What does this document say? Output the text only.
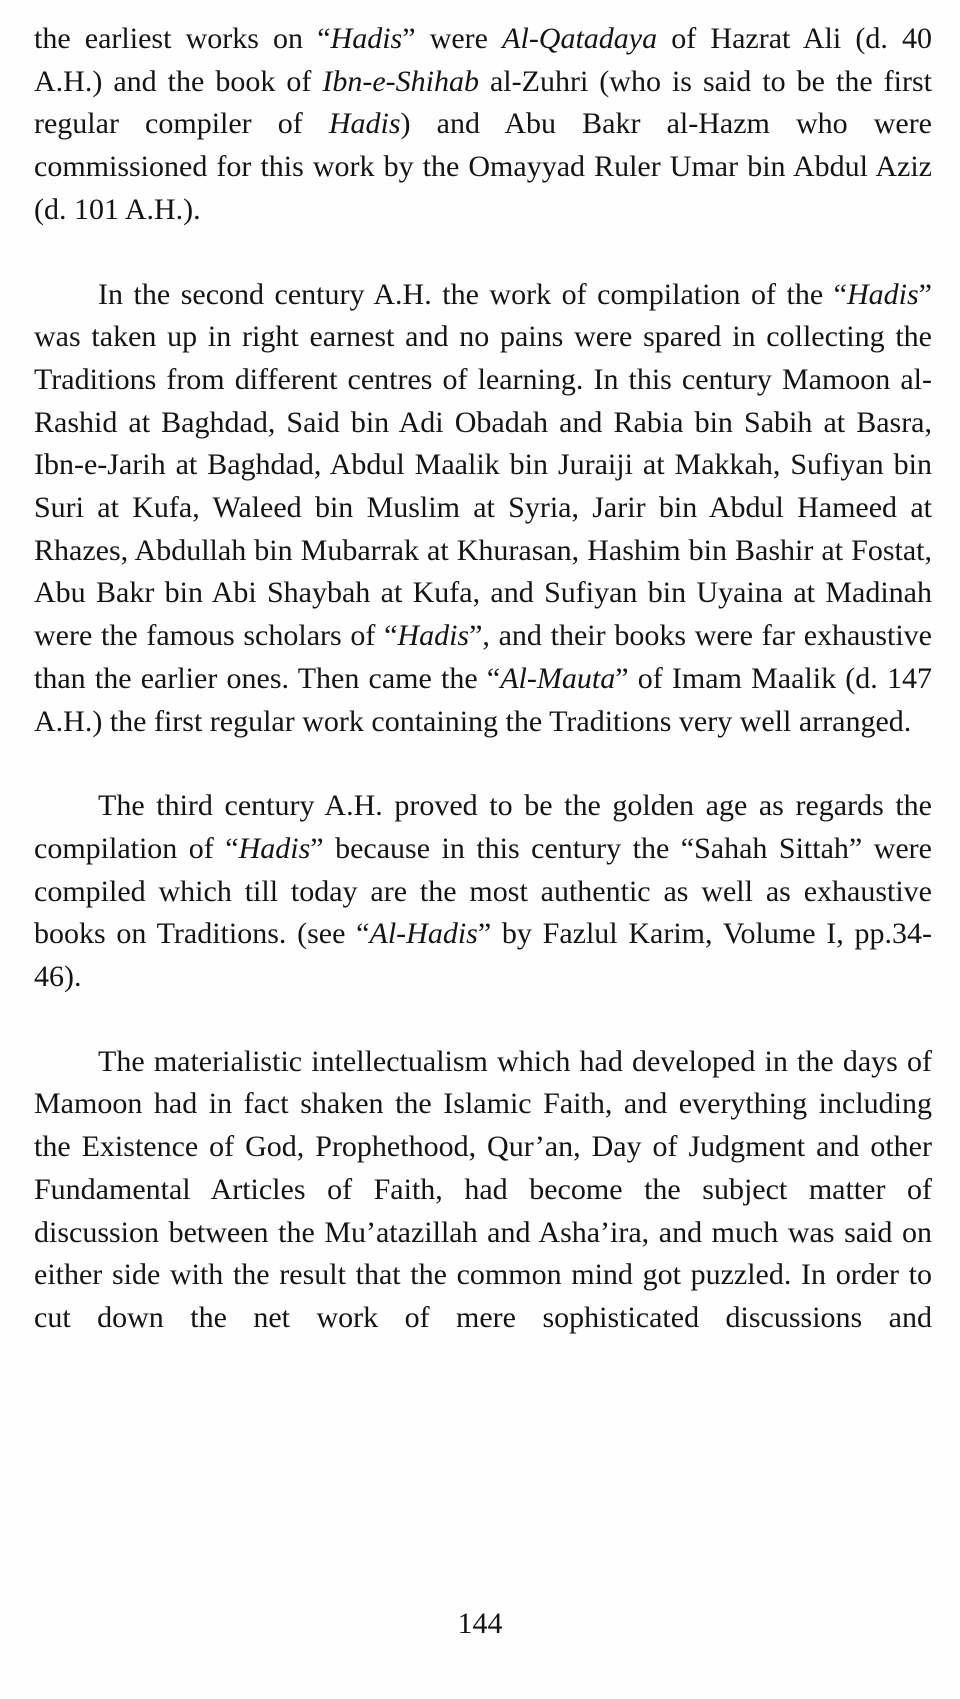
the earliest works on “Hadis” were Al-Qatadaya of Hazrat Ali (d. 40 A.H.) and the book of Ibn-e-Shihab al-Zuhri (who is said to be the first regular compiler of Hadis) and Abu Bakr al-Hazm who were commissioned for this work by the Omayyad Ruler Umar bin Abdul Aziz (d. 101 A.H.).

In the second century A.H. the work of compilation of the “Hadis” was taken up in right earnest and no pains were spared in collecting the Traditions from different centres of learning. In this century Mamoon al-Rashid at Baghdad, Said bin Adi Obadah and Rabia bin Sabih at Basra, Ibn-e-Jarih at Baghdad, Abdul Maalik bin Juraiji at Makkah, Sufiyan bin Suri at Kufa, Waleed bin Muslim at Syria, Jarir bin Abdul Hameed at Rhazes, Abdullah bin Mubarrak at Khurasan, Hashim bin Bashir at Fostat, Abu Bakr bin Abi Shaybah at Kufa, and Sufiyan bin Uyaina at Madinah were the famous scholars of “Hadis”, and their books were far exhaustive than the earlier ones. Then came the “Al-Mauta” of Imam Maalik (d. 147 A.H.) the first regular work containing the Traditions very well arranged.

The third century A.H. proved to be the golden age as regards the compilation of “Hadis” because in this century the “Sahah Sittah” were compiled which till today are the most authentic as well as exhaustive books on Traditions. (see “Al-Hadis” by Fazlul Karim, Volume I, pp.34-46).

The materialistic intellectualism which had developed in the days of Mamoon had in fact shaken the Islamic Faith, and everything including the Existence of God, Prophethood, Qur’an, Day of Judgment and other Fundamental Articles of Faith, had become the subject matter of discussion between the Mu’atazillah and Asha’ira, and much was said on either side with the result that the common mind got puzzled. In order to cut down the net work of mere sophisticated discussions and

144
